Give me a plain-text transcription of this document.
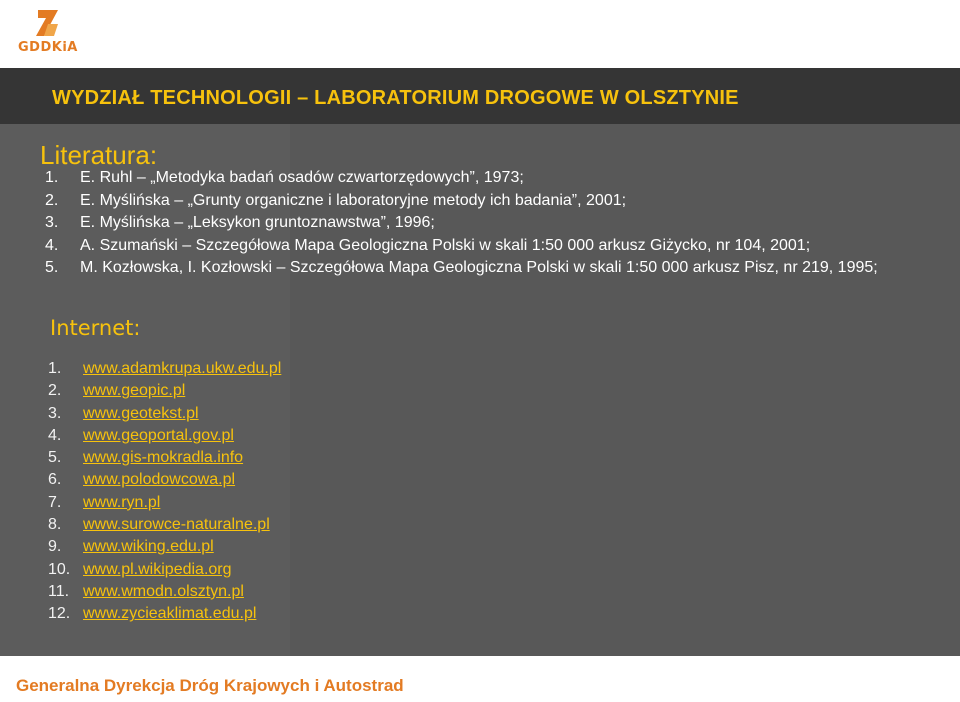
GDDKiA
WYDZIAŁ TECHNOLOGII – LABORATORIUM DROGOWE W OLSZTYNIE
Literatura:
1. E. Ruhl – „Metodyka badań osadów czwartorzędowych”, 1973;
2. E. Myślińska – „Grunty organiczne i laboratoryjne metody ich badania”, 2001;
3. E. Myślińska – „Leksykon gruntoznawstwa”, 1996;
4. A. Szumański – Szczegółowa Mapa Geologiczna Polski w skali 1:50 000 arkusz Giżycko, nr 104, 2001;
5. M. Kozłowska, I. Kozłowski – Szczegółowa Mapa Geologiczna Polski w skali 1:50 000 arkusz Pisz, nr 219, 1995;
Internet:
1. www.adamkrupa.ukw.edu.pl
2. www.geopic.pl
3. www.geotekst.pl
4. www.geoportal.gov.pl
5. www.gis-mokradla.info
6. www.polodowcowa.pl
7. www.ryn.pl
8. www.surowce-naturalne.pl
9. www.wiking.edu.pl
10. www.pl.wikipedia.org
11. www.wmodn.olsztyn.pl
12. www.zycieaklimat.edu.pl
Generalna Dyrekcja Dróg Krajowych i Autostrad
